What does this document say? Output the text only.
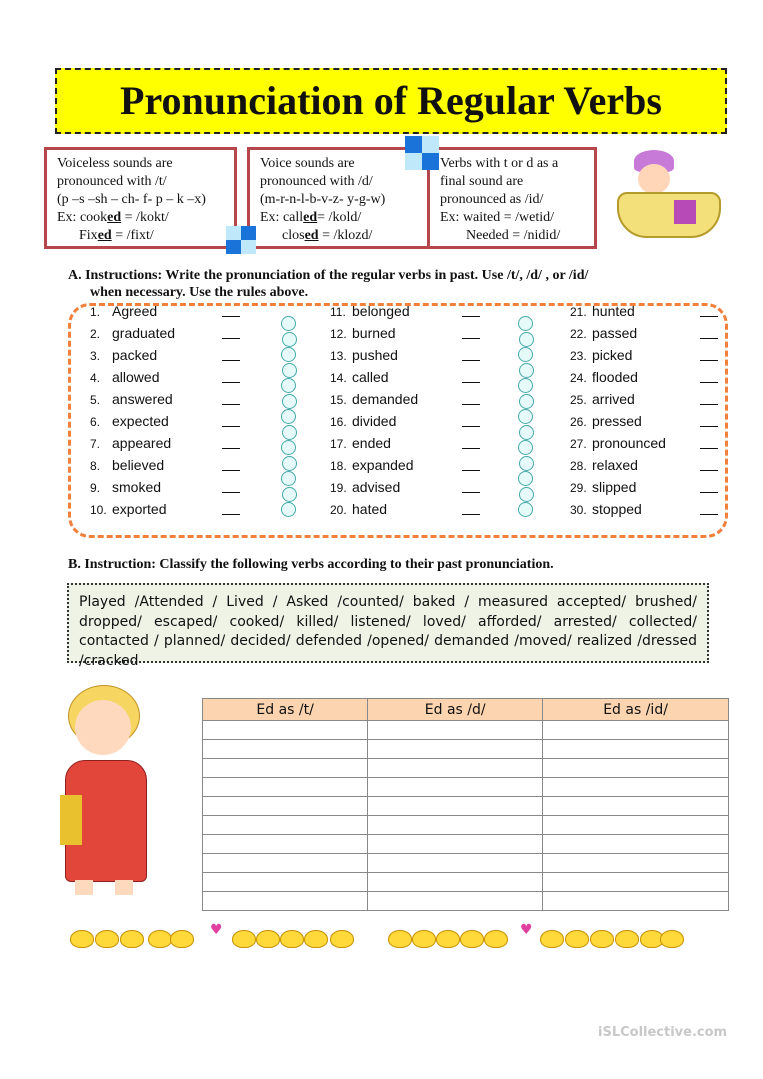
Pronunciation of Regular Verbs
Voiceless sounds are
pronounced with /t/
(p –s –sh – ch- f- p – k –x)
Ex: cooked = /kokt/
Fixed = /fixt/
Voice sounds are
pronounced with /d/
(m-r-n-l-b-v-z- y-g-w)
Ex: called= /kold/
closed = /klozd/
Verbs with t or d as a
final sound are
pronounced as /id/
Ex: waited = /wetid/
Needed = /nidid/
A. Instructions: Write the pronunciation of the regular verbs in past. Use /t/, /d/ , or /id/
when necessary. Use the rules above.
1. Agreed
2. graduated
3. packed
4. allowed
5. answered
6. expected
7. appeared
8. believed
9. smoked
10. exported
11. belonged
12. burned
13. pushed
14. called
15. demanded
16. divided
17. ended
18. expanded
19. advised
20. hated
21. hunted
22. passed
23. picked
24. flooded
25. arrived
26. pressed
27. pronounced
28. relaxed
29. slipped
30. stopped
B. Instruction: Classify the following verbs according to their past pronunciation.
Played /Attended / Lived / Asked /counted/ baked / measured accepted/ brushed/ dropped/ escaped/ cooked/ killed/ listened/ loved/ afforded/ arrested/ collected/ contacted / planned/ decided/ defended /opened/ demanded /moved/ realized /dressed /cracked
Ed as /t/	Ed as /d/	Ed as /id/

♥	♥
iSLCollective.com
